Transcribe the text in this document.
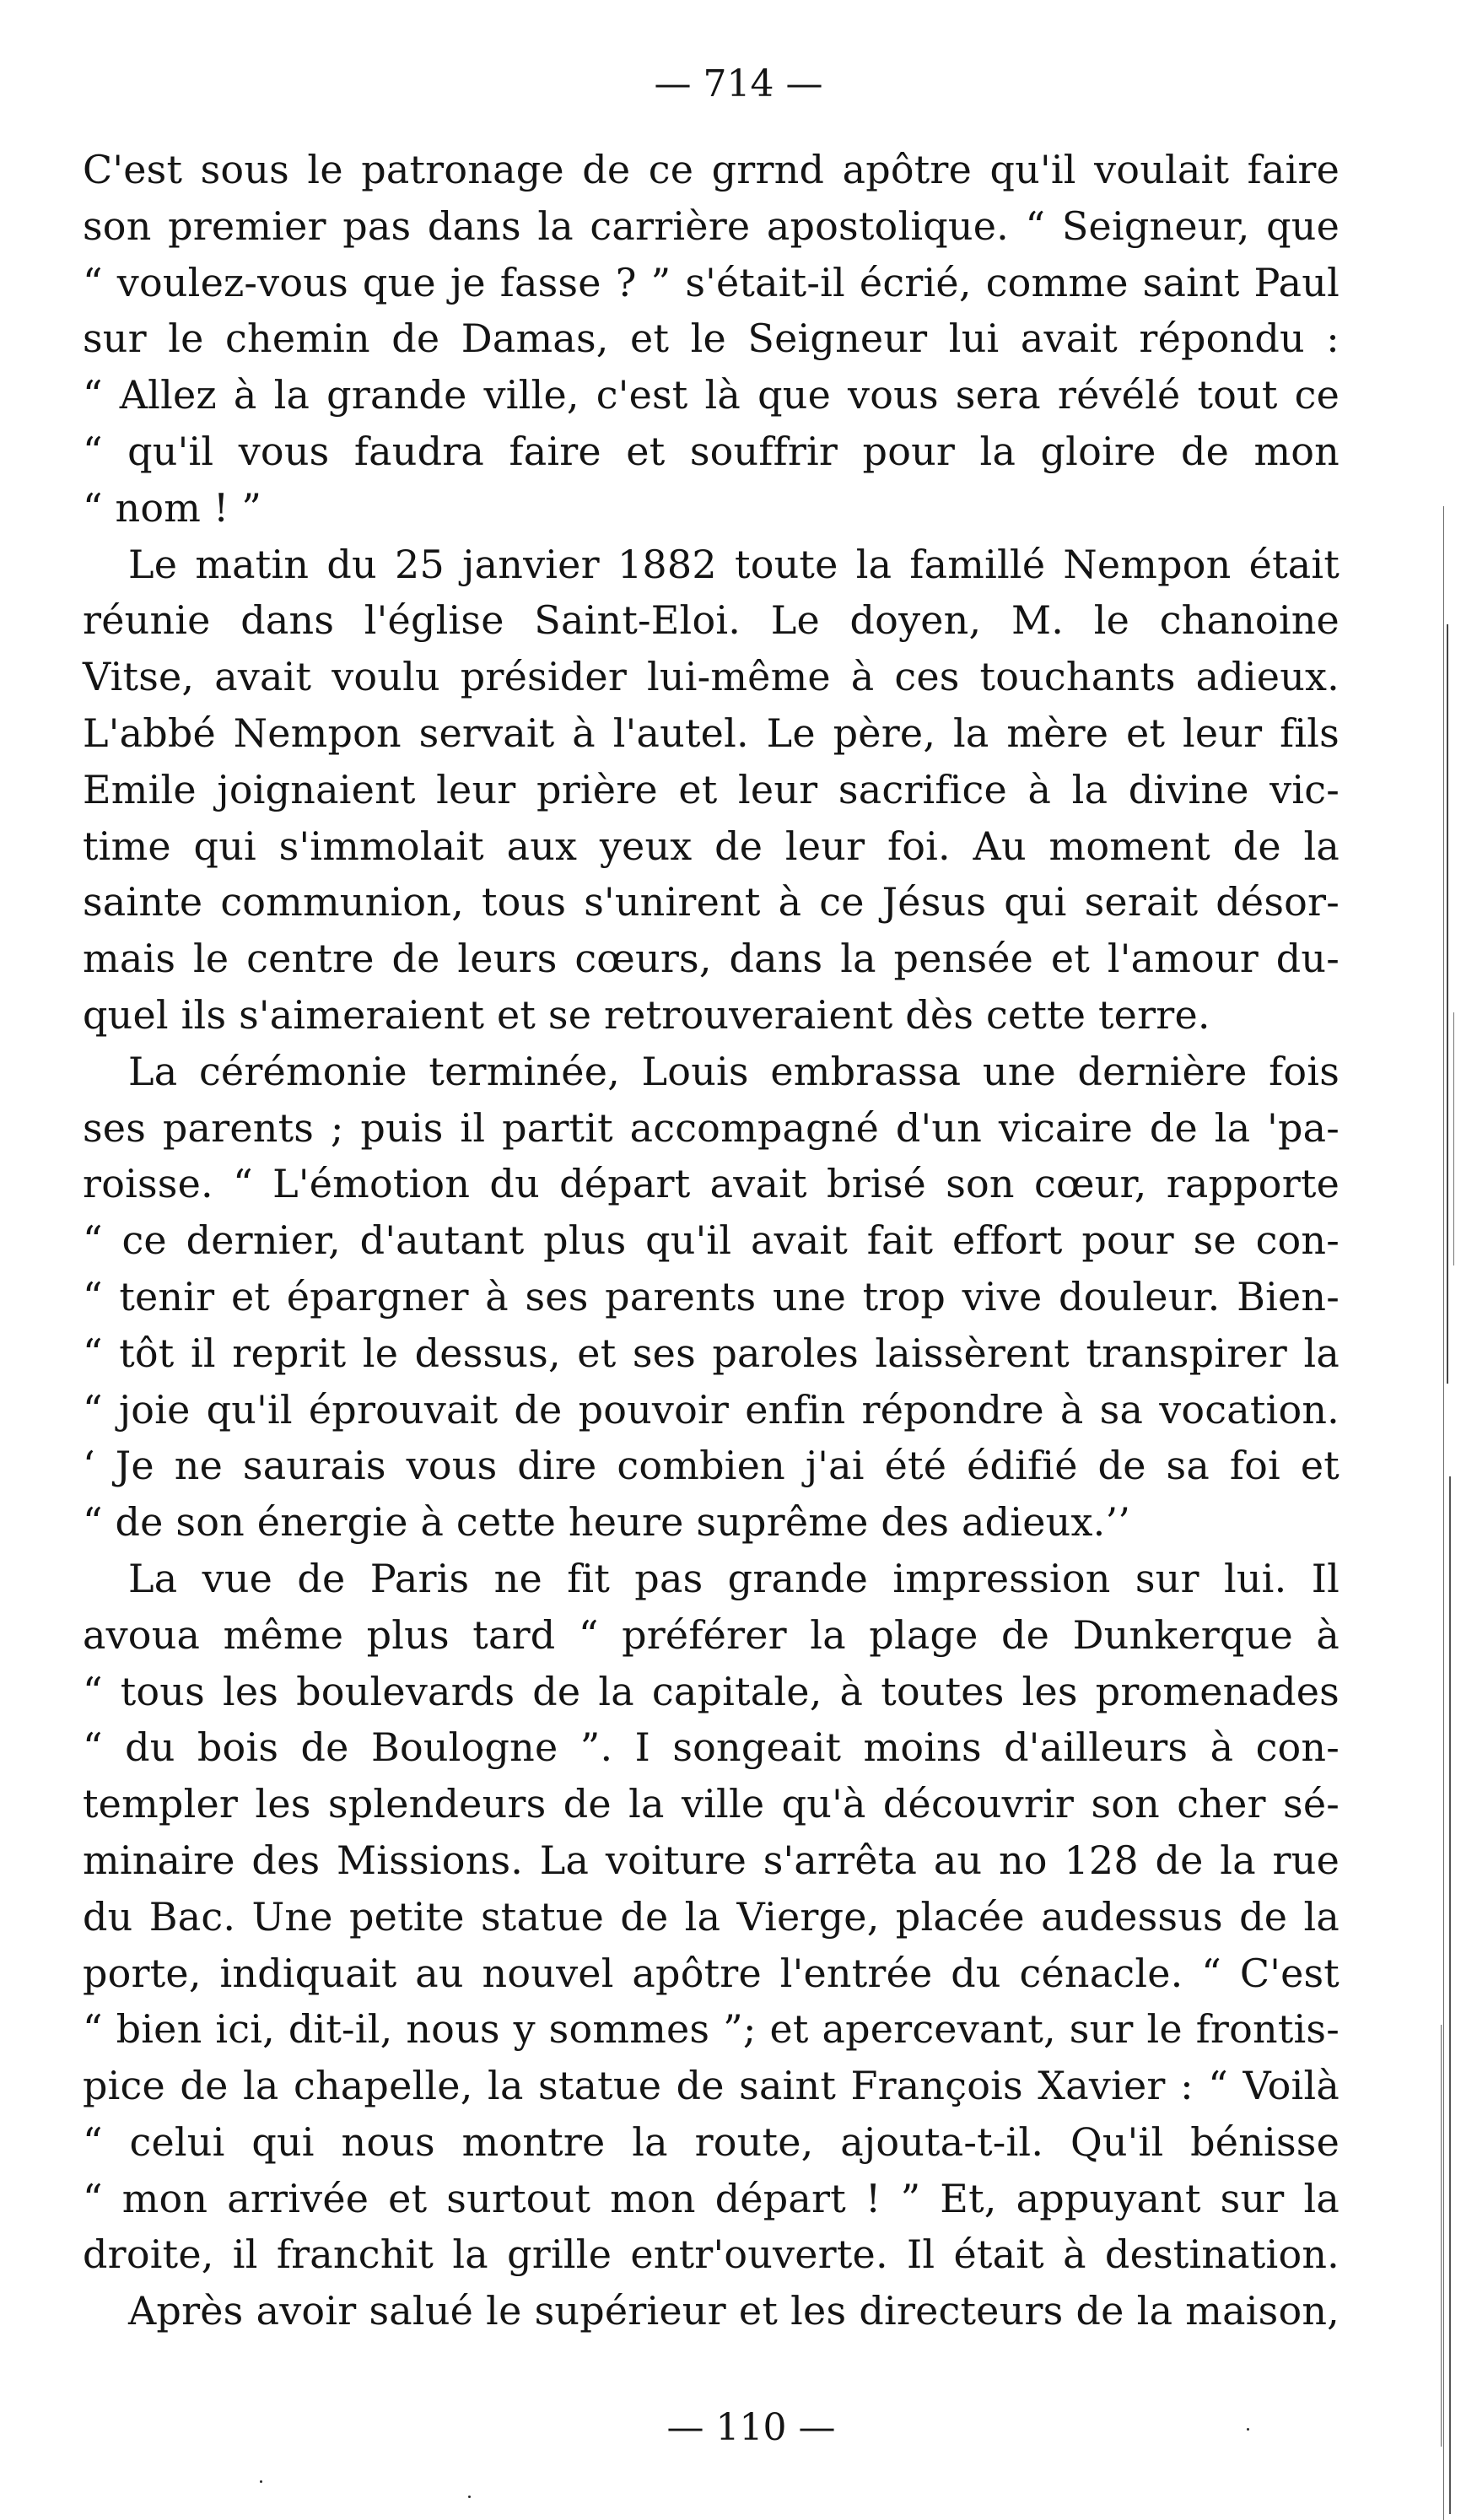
— 714 —
C'est sous le patronage de ce grrnd apôtre qu'il voulait faire
son premier pas dans la carrière apostolique. “ Seigneur, que
“ voulez-vous que je fasse ? ” s'était-il écrié, comme saint Paul
sur le chemin de Damas, et le Seigneur lui avait répondu :
“ Allez à la grande ville, c'est là que vous sera révélé tout ce
“ qu'il vous faudra faire et souffrir pour la gloire de mon
“ nom ! ”
Le matin du 25 janvier 1882 toute la famillé Nempon était
réunie dans l'église Saint-Eloi. Le doyen, M. le chanoine
Vitse, avait voulu présider lui-même à ces touchants adieux.
L'abbé Nempon servait à l'autel. Le père, la mère et leur fils
Emile joignaient leur prière et leur sacrifice à la divine vic-
time qui s'immolait aux yeux de leur foi. Au moment de la
sainte communion, tous s'unirent à ce Jésus qui serait désor-
mais le centre de leurs cœurs, dans la pensée et l'amour du-
quel ils s'aimeraient et se retrouveraient dès cette terre.
La cérémonie terminée, Louis embrassa une dernière fois
ses parents ; puis il partit accompagné d'un vicaire de la 'pa-
roisse. “ L'émotion du départ avait brisé son cœur, rapporte
“ ce dernier, d'autant plus qu'il avait fait effort pour se con-
“ tenir et épargner à ses parents une trop vive douleur. Bien-
“ tôt il reprit le dessus, et ses paroles laissèrent transpirer la
“ joie qu'il éprouvait de pouvoir enfin répondre à sa vocation.
‘ Je ne saurais vous dire combien j'ai été édifié de sa foi et
“ de son énergie à cette heure suprême des adieux.’’
La vue de Paris ne fit pas grande impression sur lui. Il
avoua même plus tard “ préférer la plage de Dunkerque à
“ tous les boulevards de la capitale, à toutes les promenades
“ du bois de Boulogne ”. I songeait moins d'ailleurs à con-
templer les splendeurs de la ville qu'à découvrir son cher sé-
minaire des Missions. La voiture s'arrêta au no 128 de la rue
du Bac. Une petite statue de la Vierge, placée audessus de la
porte, indiquait au nouvel apôtre l'entrée du cénacle. “ C'est
“ bien ici, dit-il, nous y sommes ”; et apercevant, sur le frontis-
pice de la chapelle, la statue de saint François Xavier : “ Voilà
“ celui qui nous montre la route, ajouta-t-il. Qu'il bénisse
“ mon arrivée et surtout mon départ ! ” Et, appuyant sur la
droite, il franchit la grille entr'ouverte. Il était à destination.
Après avoir salué le supérieur et les directeurs de la maison,
— 110 —
